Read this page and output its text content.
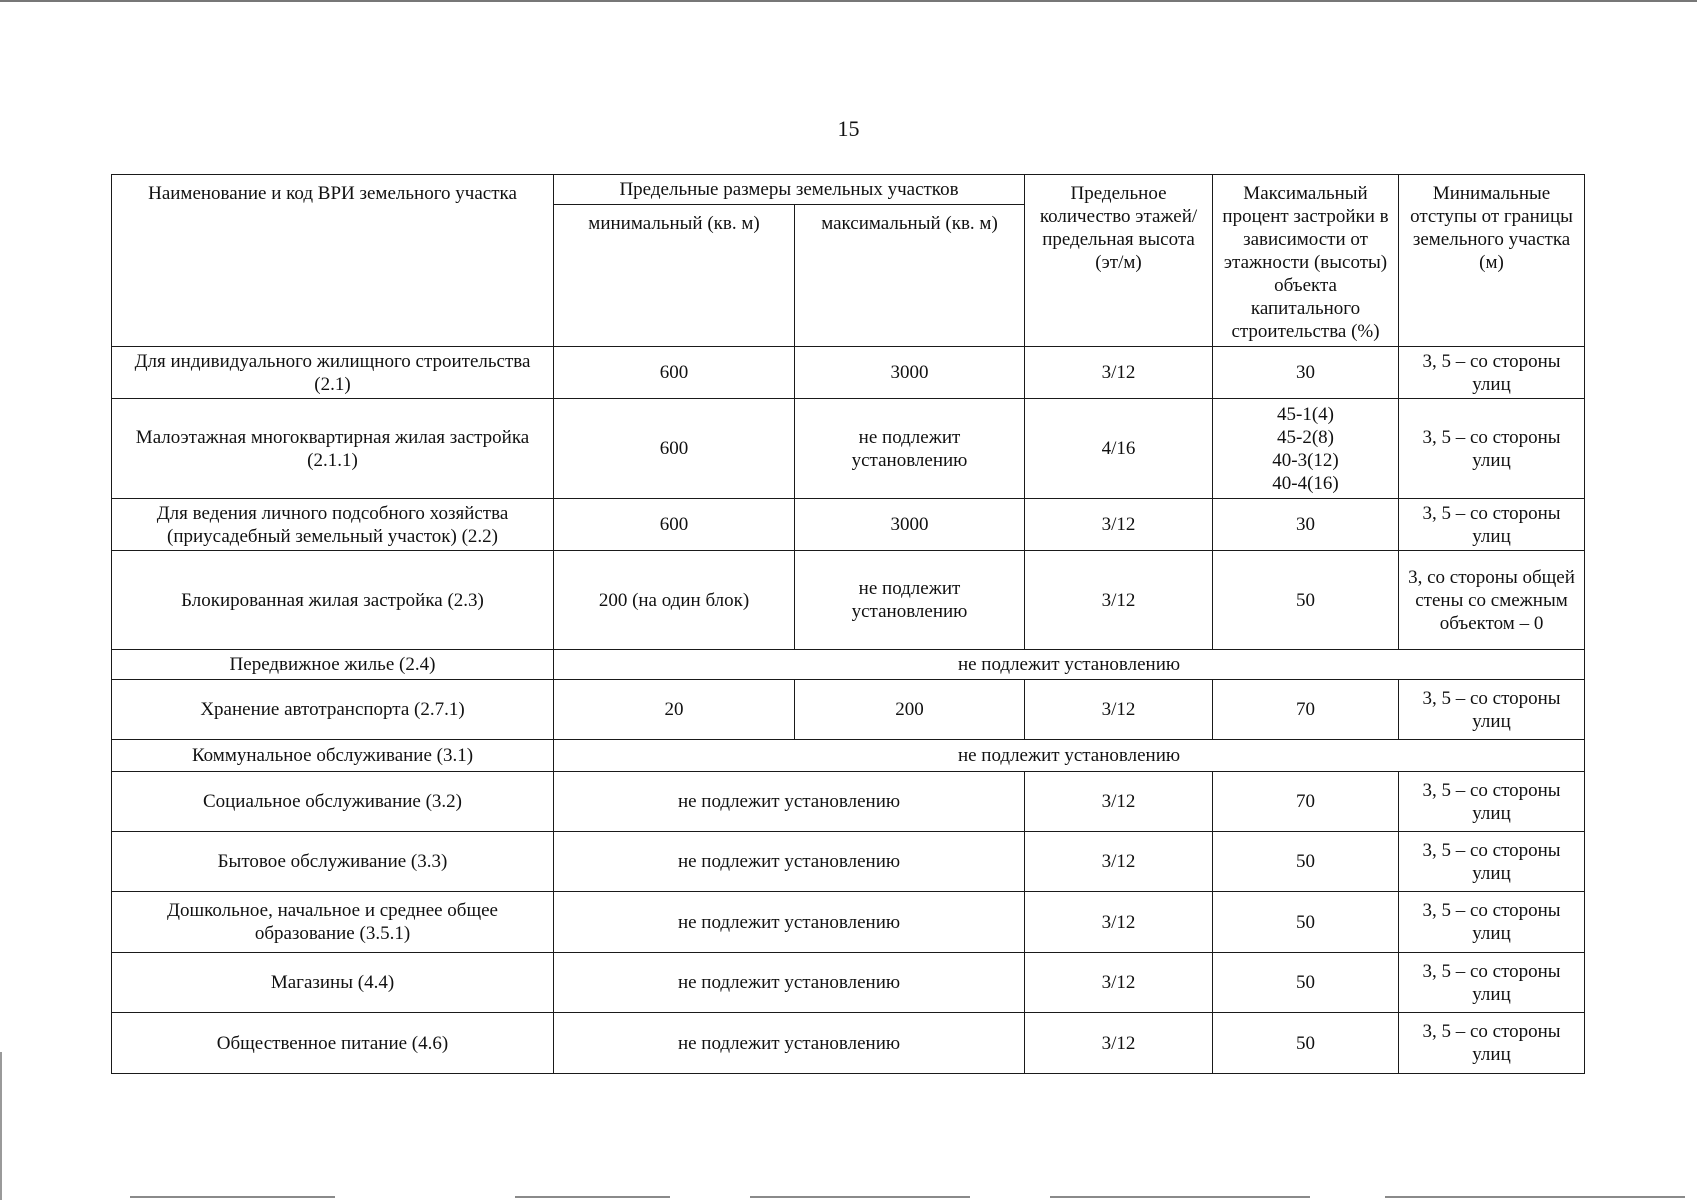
15
Наименование и код ВРИ земельного участка	Предельные размеры земельных участков		Предельное количество этажей/ предельная высота (эт/м)	Максимальный процент застройки в зависимости от этажности (высоты) объекта капитального строительства (%)	Минимальные отступы от границы земельного участка (м)
	минимальный (кв. м)	максимальный (кв. м)			
Для индивидуального жилищного строительства (2.1)	600	3000	3/12	30	3, 5 – со стороны улиц
Малоэтажная многоквартирная жилая застройка (2.1.1)	600	не подлежит установлению	4/16	45-1(4)
45-2(8)
40-3(12)
40-4(16)	3, 5 – со стороны улиц
Для ведения личного подсобного хозяйства (приусадебный земельный участок) (2.2)	600	3000	3/12	30	3, 5 – со стороны улиц
Блокированная жилая застройка (2.3)	200 (на один блок)	не подлежит установлению	3/12	50	3, со стороны общей стены со смежным объектом – 0
Передвижное жилье (2.4)	не подлежит установлению				
Хранение автотранспорта (2.7.1)	20	200	3/12	70	3, 5 – со стороны улиц
Коммунальное обслуживание (3.1)	не подлежит установлению				
Социальное обслуживание (3.2)	не подлежит установлению		3/12	70	3, 5 – со стороны улиц
Бытовое обслуживание (3.3)	не подлежит установлению		3/12	50	3, 5 – со стороны улиц
Дошкольное, начальное и среднее общее образование (3.5.1)	не подлежит установлению		3/12	50	3, 5 – со стороны улиц
Магазины (4.4)	не подлежит установлению		3/12	50	3, 5 – со стороны улиц
Общественное питание (4.6)	не подлежит установлению		3/12	50	3, 5 – со стороны улиц
